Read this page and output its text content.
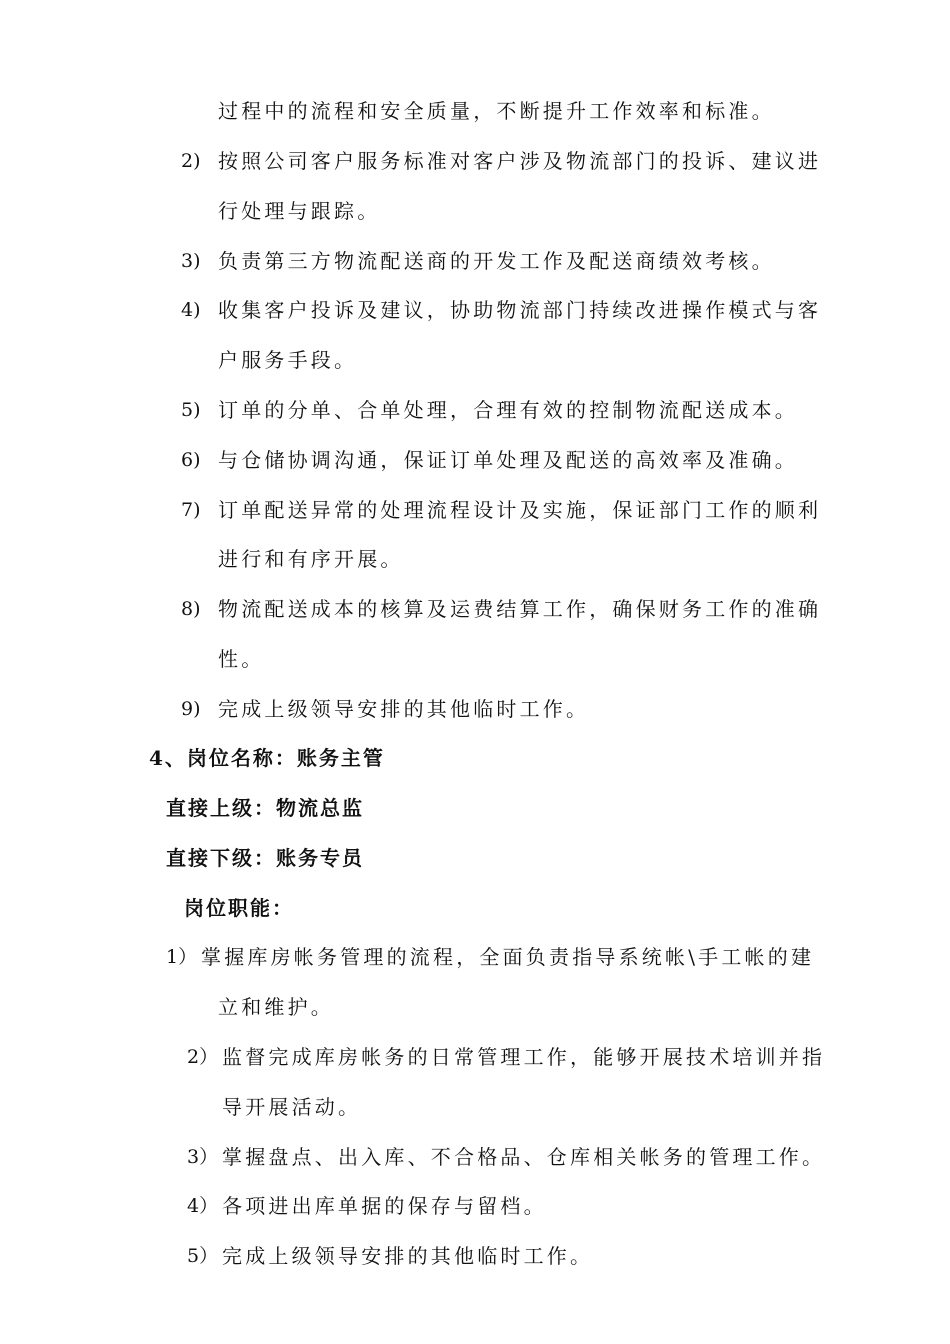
过程中的流程和安全质量，不断提升工作效率和标准。
2) 按照公司客户服务标准对客户涉及物流部门的投诉、建议进
行处理与跟踪。
3) 负责第三方物流配送商的开发工作及配送商绩效考核。
4) 收集客户投诉及建议，协助物流部门持续改进操作模式与客
户服务手段。
5) 订单的分单、合单处理，合理有效的控制物流配送成本。
6) 与仓储协调沟通，保证订单处理及配送的高效率及准确。
7) 订单配送异常的处理流程设计及实施，保证部门工作的顺利
进行和有序开展。
8) 物流配送成本的核算及运费结算工作，确保财务工作的准确
性。
9) 完成上级领导安排的其他临时工作。
4、岗位名称：账务主管
直接上级：物流总监
直接下级：账务专员
岗位职能：
1） 掌握库房帐务管理的流程，全面负责指导系统帐\手工帐的建
立和维护。
2） 监督完成库房帐务的日常管理工作，能够开展技术培训并指
导开展活动。
3） 掌握盘点、出入库、不合格品、仓库相关帐务的管理工作。
4） 各项进出库单据的保存与留档。
5） 完成上级领导安排的其他临时工作。
